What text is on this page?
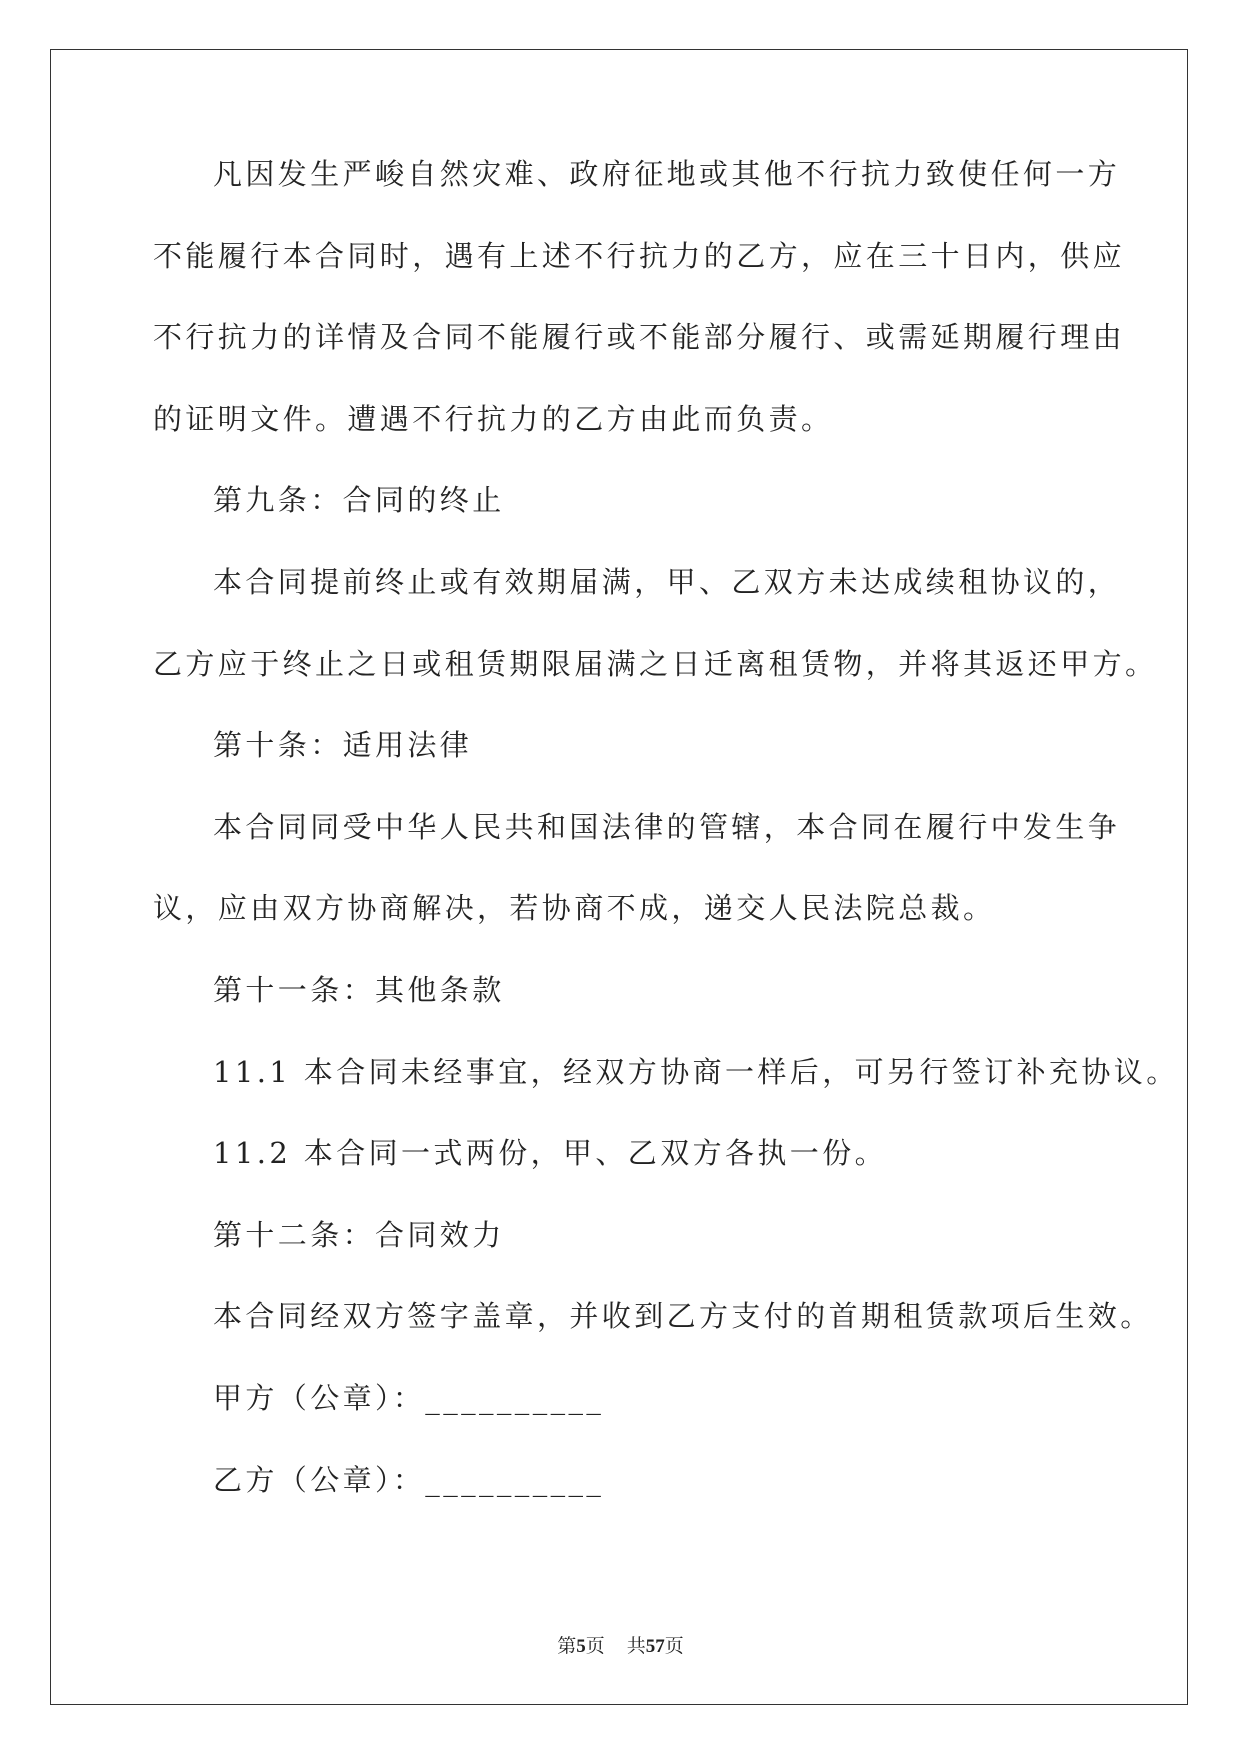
凡因发生严峻自然灾难、政府征地或其他不行抗力致使任何一方
不能履行本合同时，遇有上述不行抗力的乙方，应在三十日内，供应
不行抗力的详情及合同不能履行或不能部分履行、或需延期履行理由
的证明文件。遭遇不行抗力的乙方由此而负责。
第九条：合同的终止
本合同提前终止或有效期届满，甲、乙双方未达成续租协议的，
乙方应于终止之日或租赁期限届满之日迁离租赁物，并将其返还甲方。
第十条：适用法律
本合同同受中华人民共和国法律的管辖，本合同在履行中发生争
议，应由双方协商解决，若协商不成，递交人民法院总裁。
第十一条：其他条款
11.1 本合同未经事宜，经双方协商一样后，可另行签订补充协议。
11.2 本合同一式两份，甲、乙双方各执一份。
第十二条：合同效力
本合同经双方签字盖章，并收到乙方支付的首期租赁款项后生效。
甲方（公章）：__________
乙方（公章）：__________
第5页 共57页
